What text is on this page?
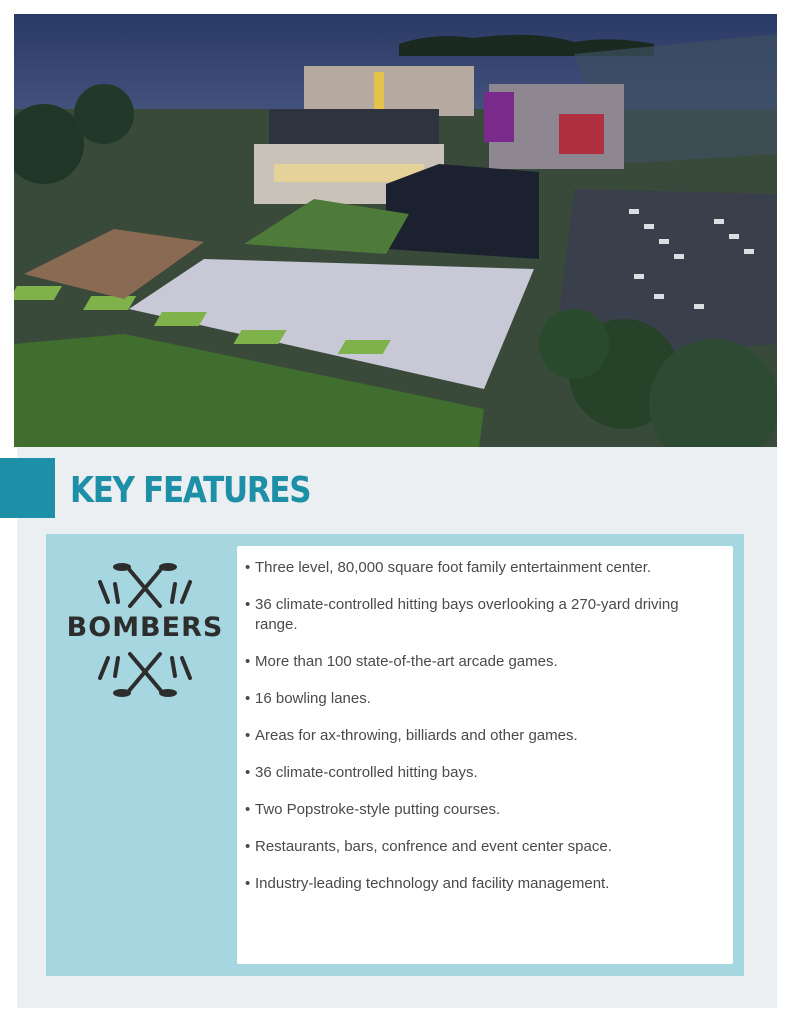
KEY FEATURES
BOMBERS
• Three level, 80,000 square foot family entertainment center.
• 36 climate-controlled hitting bays overlooking a 270-yard driving range.
• More than 100 state-of-the-art arcade games.
• 16 bowling lanes.
• Areas for ax-throwing, billiards and other games.
• 36 climate-controlled hitting bays.
• Two Popstroke-style putting courses.
• Restaurants, bars, confrence and event center space.
• Industry-leading technology and facility management.
